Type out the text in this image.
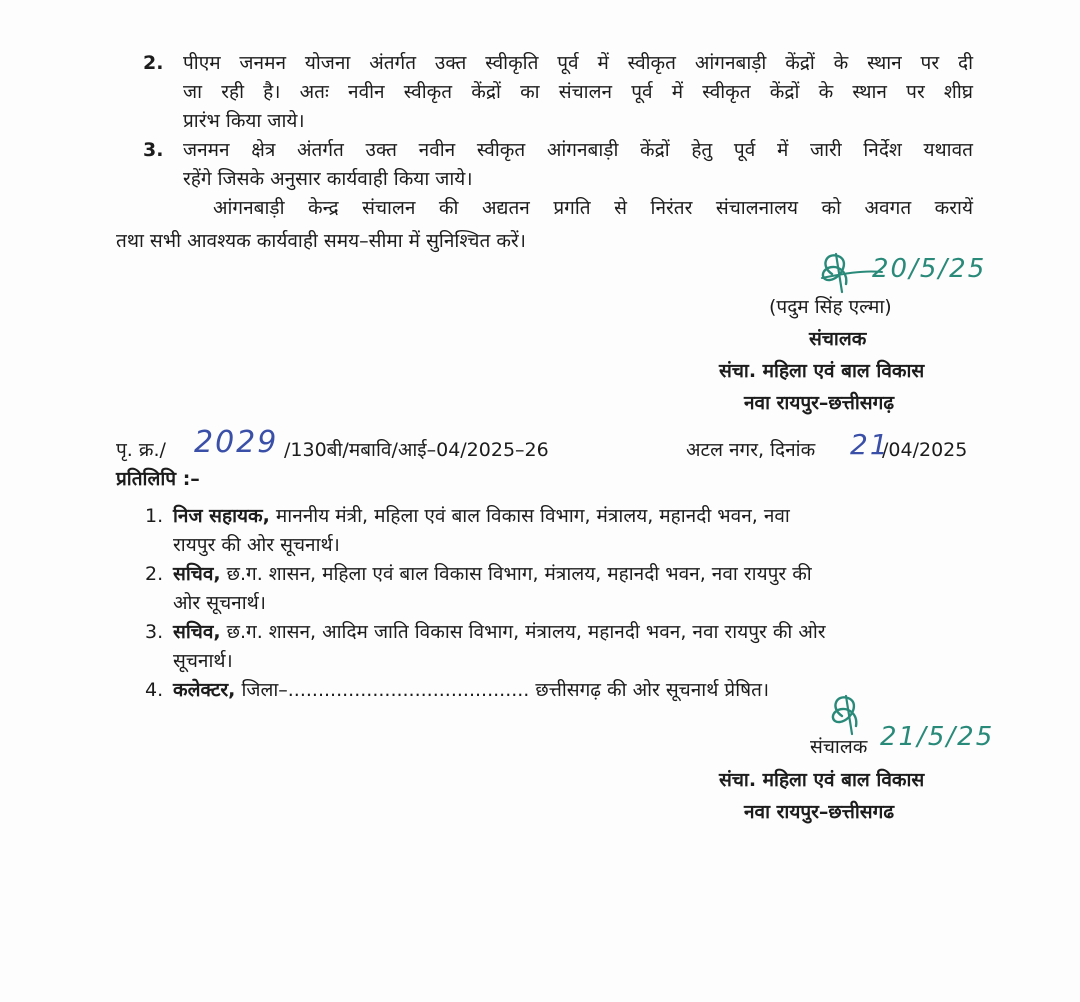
2. पीएम जनमन योजना अंतर्गत उक्त स्वीकृति पूर्व में स्वीकृत आंगनबाड़ी केंद्रों के स्थान पर दी
जा रही है। अतः नवीन स्वीकृत केंद्रों का संचालन पूर्व में स्वीकृत केंद्रों के स्थान पर शीघ्र
प्रारंभ किया जाये।
3. जनमन क्षेत्र अंतर्गत उक्त नवीन स्वीकृत आंगनबाड़ी केंद्रों हेतु पूर्व में जारी निर्देश यथावत
रहेंगे जिसके अनुसार कार्यवाही किया जाये।
आंगनबाड़ी केन्द्र संचालन की अद्यतन प्रगति से निरंतर संचालनालय को अवगत करायें
तथा सभी आवश्यक कार्यवाही समय–सीमा में सुनिश्चित करें।
20/5/25
(पदुम सिंह एल्मा)
संचालक
संचा. महिला एवं बाल विकास
नवा रायपुर–छत्तीसगढ़
पृ. क्र./ 2029 /130बी/मबावि/आई–04/2025–26	अटल नगर, दिनांक 21
/04/2025
प्रतिलिपि :–
1. निज सहायक, माननीय मंत्री, महिला एवं बाल विकास विभाग, मंत्रालय, महानदी भवन, नवा
रायपुर की ओर सूचनार्थ।
2. सचिव, छ.ग. शासन, महिला एवं बाल विकास विभाग, मंत्रालय, महानदी भवन, नवा रायपुर की
ओर सूचनार्थ।
3. सचिव, छ.ग. शासन, आदिम जाति विकास विभाग, मंत्रालय, महानदी भवन, नवा रायपुर की ओर
सूचनार्थ।
4. कलेक्टर, जिला–........................................ छत्तीसगढ़ की ओर सूचनार्थ प्रेषित।
संचालक 21/5/25
संचा. महिला एवं बाल विकास
नवा रायपुर–छत्तीसगढ
